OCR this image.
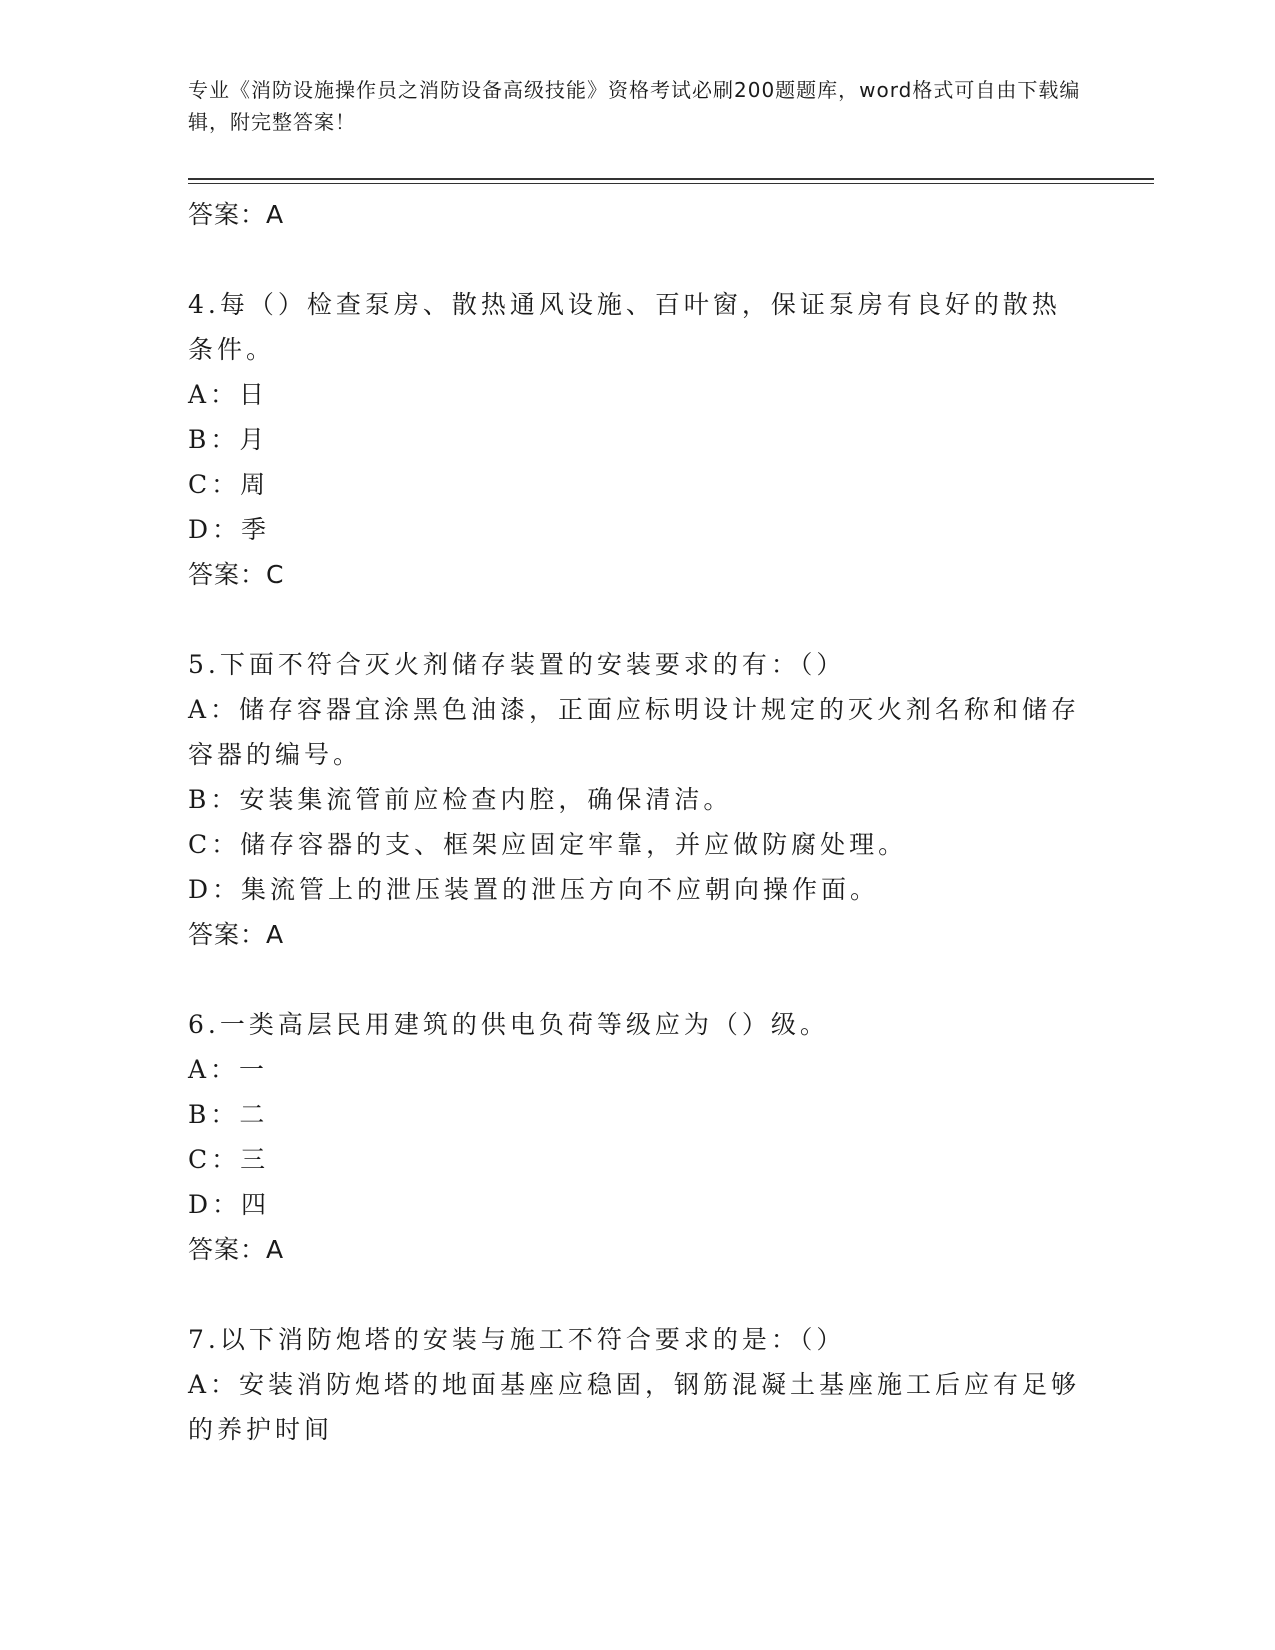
专业《消防设施操作员之消防设备高级技能》资格考试必刷200题题库，word格式可自由下载编辑，附完整答案！
答案：A
4.每（）检查泵房、散热通风设施、百叶窗，保证泵房有良好的散热条件。
A：日
B：月
C：周
D：季
答案：C
5.下面不符合灭火剂储存装置的安装要求的有：（）
A：储存容器宜涂黑色油漆，正面应标明设计规定的灭火剂名称和储存容器的编号。
B：安装集流管前应检查内腔，确保清洁。
C：储存容器的支、框架应固定牢靠，并应做防腐处理。
D：集流管上的泄压装置的泄压方向不应朝向操作面。
答案：A
6.一类高层民用建筑的供电负荷等级应为（）级。
A：一
B：二
C：三
D：四
答案：A
7.以下消防炮塔的安装与施工不符合要求的是：（）
A：安装消防炮塔的地面基座应稳固，钢筋混凝土基座施工后应有足够的养护时间
